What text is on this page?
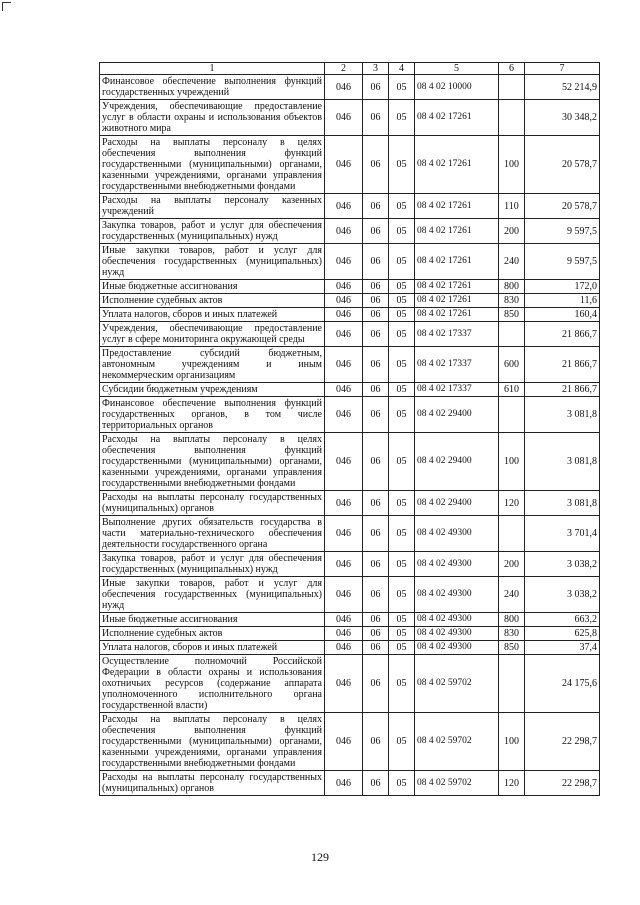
1	2	3	4	5	6	7
Финансовое обеспечение выполнения функций государственных учреждений	046	06	05	08 4 02 10000		52 214,9
Учреждения, обеспечивающие предоставление услуг в области охраны и использования объектов животного мира	046	06	05	08 4 02 17261		30 348,2
Расходы на выплаты персоналу в целях обеспечения выполнения функций государственными (муниципальными) органами, казенными учреждениями, органами управления государственными внебюджетными фондами	046	06	05	08 4 02 17261	100	20 578,7
Расходы на выплаты персоналу казенных учреждений	046	06	05	08 4 02 17261	110	20 578,7
Закупка товаров, работ и услуг для обеспечения государственных (муниципальных) нужд	046	06	05	08 4 02 17261	200	9 597,5
Иные закупки товаров, работ и услуг для обеспечения государственных (муниципальных) нужд	046	06	05	08 4 02 17261	240	9 597,5
Иные бюджетные ассигнования	046	06	05	08 4 02 17261	800	172,0
Исполнение судебных актов	046	06	05	08 4 02 17261	830	11,6
Уплата налогов, сборов и иных платежей	046	06	05	08 4 02 17261	850	160,4
Учреждения, обеспечивающие предоставление услуг в сфере мониторинга окружающей среды	046	06	05	08 4 02 17337		21 866,7
Предоставление субсидий бюджетным, автономным учреждениям и иным некоммерческим организациям	046	06	05	08 4 02 17337	600	21 866,7
Субсидии бюджетным учреждениям	046	06	05	08 4 02 17337	610	21 866,7
Финансовое обеспечение выполнения функций государственных органов, в том числе территориальных органов	046	06	05	08 4 02 29400		3 081,8
Расходы на выплаты персоналу в целях обеспечения выполнения функций государственными (муниципальными) органами, казенными учреждениями, органами управления государственными внебюджетными фондами	046	06	05	08 4 02 29400	100	3 081,8
Расходы на выплаты персоналу государственных (муниципальных) органов	046	06	05	08 4 02 29400	120	3 081,8
Выполнение других обязательств государства в части материально-технического обеспечения деятельности государственного органа	046	06	05	08 4 02 49300		3 701,4
Закупка товаров, работ и услуг для обеспечения государственных (муниципальных) нужд	046	06	05	08 4 02 49300	200	3 038,2
Иные закупки товаров, работ и услуг для обеспечения государственных (муниципальных) нужд	046	06	05	08 4 02 49300	240	3 038,2
Иные бюджетные ассигнования	046	06	05	08 4 02 49300	800	663,2
Исполнение судебных актов	046	06	05	08 4 02 49300	830	625,8
Уплата налогов, сборов и иных платежей	046	06	05	08 4 02 49300	850	37,4
Осуществление полномочий Российской Федерации в области охраны и использования охотничьих ресурсов (содержание аппарата уполномоченного исполнительного органа государственной власти)	046	06	05	08 4 02 59702		24 175,6
Расходы на выплаты персоналу в целях обеспечения выполнения функций государственными (муниципальными) органами, казенными учреждениями, органами управления государственными внебюджетными фондами	046	06	05	08 4 02 59702	100	22 298,7
Расходы на выплаты персоналу государственных (муниципальных) органов	046	06	05	08 4 02 59702	120	22 298,7
129
